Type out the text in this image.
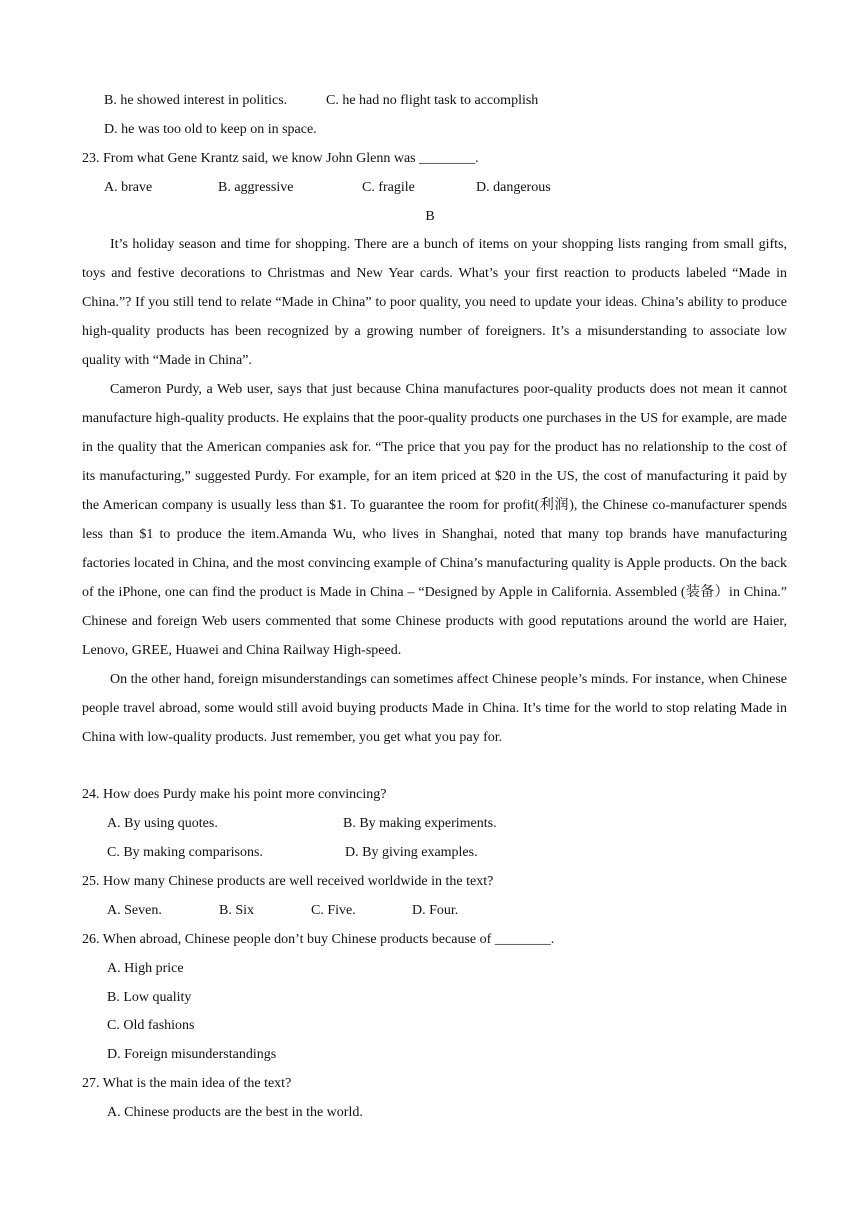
B. he showed interest in politics.	C. he had no flight task to accomplish
D. he was too old to keep on in space.
23. From what Gene Krantz said, we know John Glenn was ________.
A. brave	B. aggressive	C. fragile	D. dangerous
B

It’s holiday season and time for shopping. There are a bunch of items on your shopping lists ranging from small gifts, toys and festive decorations to Christmas and New Year cards. What’s your first reaction to products labeled “Made in China.”? If you still tend to relate “Made in China” to poor quality, you need to update your ideas. China’s ability to produce high-quality products has been recognized by a growing number of foreigners. It’s a misunderstanding to associate low quality with “Made in China”.

Cameron Purdy, a Web user, says that just because China manufactures poor-quality products does not mean it cannot manufacture high-quality products. He explains that the poor-quality products one purchases in the US for example, are made in the quality that the American companies ask for. “The price that you pay for the product has no relationship to the cost of its manufacturing,” suggested Purdy. For example, for an item priced at $20 in the US, the cost of manufacturing it paid by the American company is usually less than $1. To guarantee the room for profit(利润), the Chinese co-manufacturer spends less than $1 to produce the item.Amanda Wu, who lives in Shanghai, noted that many top brands have manufacturing factories located in China, and the most convincing example of China’s manufacturing quality is Apple products. On the back of the iPhone, one can find the product is Made in China – “Designed by Apple in California. Assembled (装备）in China.” Chinese and foreign Web users commented that some Chinese products with good reputations around the world are Haier, Lenovo, GREE, Huawei and China Railway High-speed.

On the other hand, foreign misunderstandings can sometimes affect Chinese people’s minds. For instance, when Chinese people travel abroad, some would still avoid buying products Made in China. It’s time for the world to stop relating Made in China with low-quality products. Just remember, you get what you pay for.

24. How does Purdy make his point more convincing?
A. By using quotes.	B. By making experiments.
C. By making comparisons.	D. By giving examples.
25. How many Chinese products are well received worldwide in the text?
A. Seven.	B. Six	C. Five.	D. Four.
26. When abroad, Chinese people don’t buy Chinese products because of ________.
A. High price
B. Low quality
C. Old fashions
D. Foreign misunderstandings
27. What is the main idea of the text?
A. Chinese products are the best in the world.
